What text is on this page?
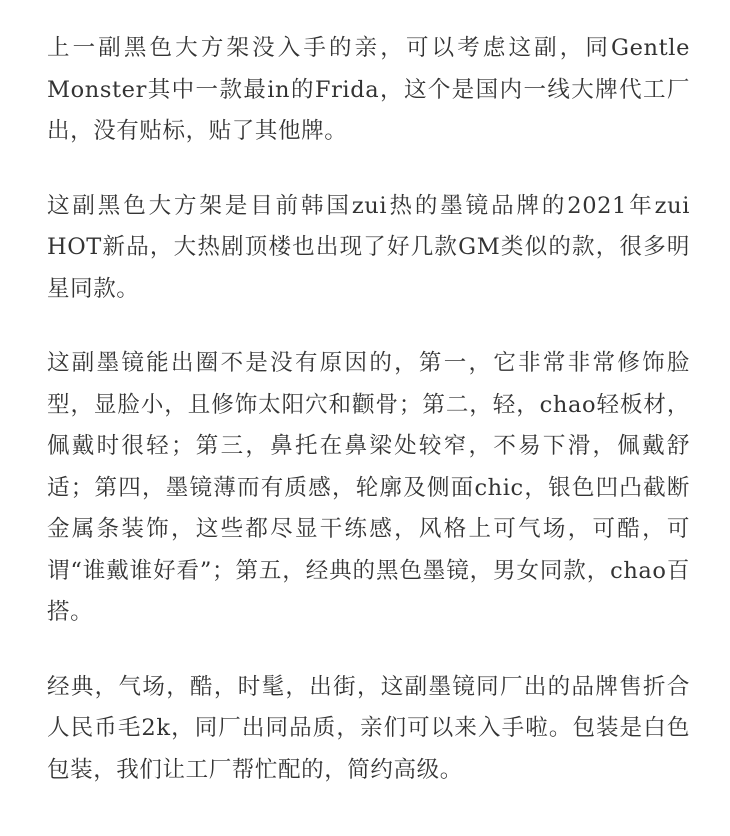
上一副黑色大方架没入手的亲，可以考虑这副，同Gentle Monster其中一款最in的Frida，这个是国内一线大牌代工厂出，没有贴标，贴了其他牌。

这副黑色大方架是目前韩国zui热的墨镜品牌的2021年zui HOT新品，大热剧顶楼也出现了好几款GM类似的款，很多明星同款。

这副墨镜能出圈不是没有原因的，第一，它非常非常修饰脸型，显脸小，且修饰太阳穴和颧骨；第二，轻，chao轻板材，佩戴时很轻；第三，鼻托在鼻梁处较窄，不易下滑，佩戴舒适；第四，墨镜薄而有质感，轮廓及侧面chic，银色凹凸截断金属条装饰，这些都尽显干练感，风格上可气场，可酷，可谓“谁戴谁好看”；第五，经典的黑色墨镜，男女同款，chao百搭。

经典，气场，酷，时髦，出街，这副墨镜同厂出的品牌售折合人民币毛2k，同厂出同品质，亲们可以来入手啦。包装是白色包装，我们让工厂帮忙配的，简约高级。
